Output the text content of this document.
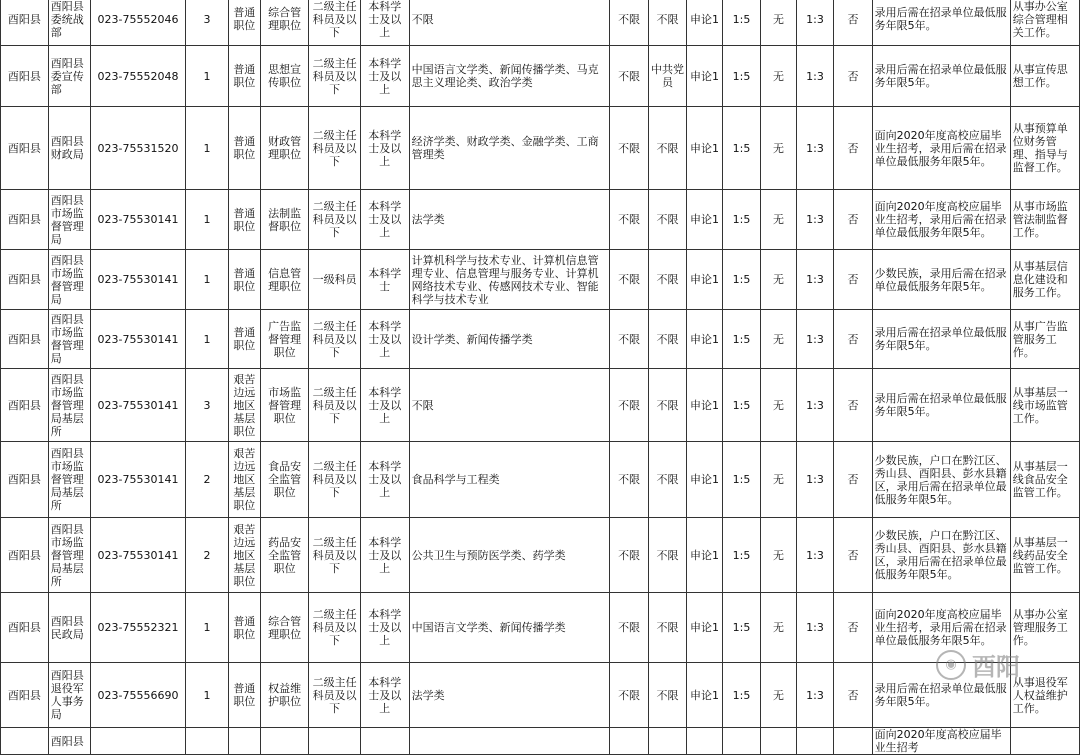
酉阳县	酉阳县委统战部	023-75552046	3	普通职位	综合管理职位	二级主任科员及以下	本科学士及以上	不限	不限	不限	申论1	1:5	无	1:3	否	录用后需在招录单位最低服务年限5年。	从事办公室综合管理相关工作。
酉阳县	酉阳县委宣传部	023-75552048	1	普通职位	思想宣传职位	二级主任科员及以下	本科学士及以上	中国语言文学类、新闻传播学类、马克思主义理论类、政治学类	不限	中共党员	申论1	1:5	无	1:3	否	录用后需在招录单位最低服务年限5年。	从事宣传思想工作。
酉阳县	酉阳县财政局	023-75531520	1	普通职位	财政管理职位	二级主任科员及以下	本科学士及以上	经济学类、财政学类、金融学类、工商管理类	不限	不限	申论1	1:5	无	1:3	否	面向2020年度高校应届毕业生招考，录用后需在招录单位最低服务年限5年。	从事预算单位财务管理、指导与监督工作。
酉阳县	酉阳县市场监督管理局	023-75530141	1	普通职位	法制监督职位	二级主任科员及以下	本科学士及以上	法学类	不限	不限	申论1	1:5	无	1:3	否	面向2020年度高校应届毕业生招考，录用后需在招录单位最低服务年限5年。	从事市场监管法制监督工作。
酉阳县	酉阳县市场监督管理局	023-75530141	1	普通职位	信息管理职位	一级科员	本科学士	计算机科学与技术专业、计算机信息管理专业、信息管理与服务专业、计算机网络技术专业、传感网技术专业、智能科学与技术专业	不限	不限	申论1	1:5	无	1:3	否	少数民族，录用后需在招录单位最低服务年限5年。	从事基层信息化建设和服务工作。
酉阳县	酉阳县市场监督管理局	023-75530141	1	普通职位	广告监督管理职位	二级主任科员及以下	本科学士及以上	设计学类、新闻传播学类	不限	不限	申论1	1:5	无	1:3	否	录用后需在招录单位最低服务年限5年。	从事广告监管服务工作。
酉阳县	酉阳县市场监督管理局基层所	023-75530141	3	艰苦边远地区基层职位	市场监督管理职位	二级主任科员及以下	本科学士及以上	不限	不限	不限	申论1	1:5	无	1:3	否	录用后需在招录单位最低服务年限5年。	从事基层一线市场监管工作。
酉阳县	酉阳县市场监督管理局基层所	023-75530141	2	艰苦边远地区基层职位	食品安全监管职位	二级主任科员及以下	本科学士及以上	食品科学与工程类	不限	不限	申论1	1:5	无	1:3	否	少数民族，户口在黔江区、秀山县、酉阳县、彭水县籍区，录用后需在招录单位最低服务年限5年。	从事基层一线食品安全监管工作。
酉阳县	酉阳县市场监督管理局基层所	023-75530141	2	艰苦边远地区基层职位	药品安全监管职位	二级主任科员及以下	本科学士及以上	公共卫生与预防医学类、药学类	不限	不限	申论1	1:5	无	1:3	否	少数民族，户口在黔江区、秀山县、酉阳县、彭水县籍区，录用后需在招录单位最低服务年限5年。	从事基层一线药品安全监管工作。
酉阳县	酉阳县民政局	023-75552321	1	普通职位	综合管理职位	二级主任科员及以下	本科学士及以上	中国语言文学类、新闻传播学类	不限	不限	申论1	1:5	无	1:3	否	面向2020年度高校应届毕业生招考，录用后需在招录单位最低服务年限5年。	从事办公室管理服务工作。
酉阳县	酉阳县退役军人事务局	023-75556690	1	普通职位	权益维护职位	二级主任科员及以下	本科学士及以上	法学类	不限	不限	申论1	1:5	无	1:3	否	录用后需在招录单位最低服务年限5年。	从事退役军人权益维护工作。
	酉阳县															面向2020年度高校应届毕业生招考	
◉ 酉阳
